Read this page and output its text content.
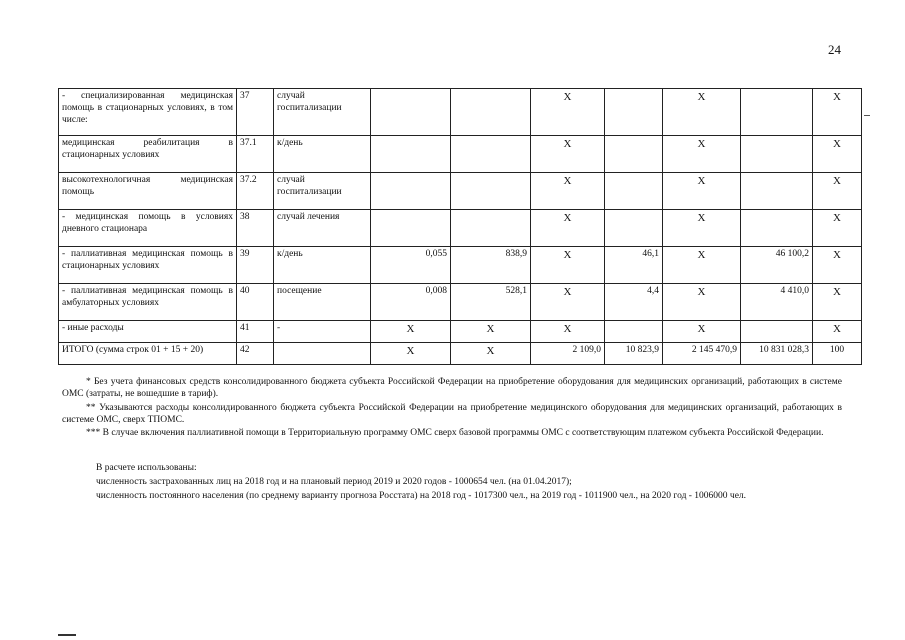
24
- специализированная медицинская помощь в стационарных условиях, в том числе:	37	случай госпитализации			Х		Х		Х
медицинская реабилитация в стационарных условиях	37.1	к/день			Х		Х		Х
высокотехнологичная медицинская помощь	37.2	случай госпитализации			Х		Х		Х
- медицинская помощь в условиях дневного стационара	38	случай лечения			Х		Х		Х
- паллиативная медицинская помощь в стационарных условиях	39	к/день	0,055	838,9	Х	46,1	Х	46 100,2	Х
- паллиативная медицинская помощь в амбулаторных условиях	40	посещение	0,008	528,1	Х	4,4	Х	4 410,0	Х
- иные расходы	41	-	Х	Х	Х		Х		Х
ИТОГО (сумма строк 01 + 15 + 20)	42		Х	Х	2 109,0	10 823,9	2 145 470,9	10 831 028,3	100

* Без учета финансовых средств консолидированного бюджета субъекта Российской Федерации на приобретение оборудования для медицинских организаций, работающих в системе ОМС (затраты, не вошедшие в тариф).

** Указываются расходы консолидированного бюджета субъекта Российской Федерации на приобретение медицинского оборудования для медицинских организаций, работающих в системе ОМС, сверх ТПОМС.

*** В случае включения паллиативной помощи в Территориальную программу ОМС сверх базовой программы ОМС с соответствующим платежом субъекта Российской Федерации.

В расчете использованы:
численность застрахованных лиц на 2018 год и на плановый период 2019 и 2020 годов - 1000654 чел. (на 01.04.2017);
численность постоянного населения (по среднему варианту прогноза Росстата) на 2018 год - 1017300 чел., на 2019 год - 1011900 чел., на 2020 год - 1006000 чел.
